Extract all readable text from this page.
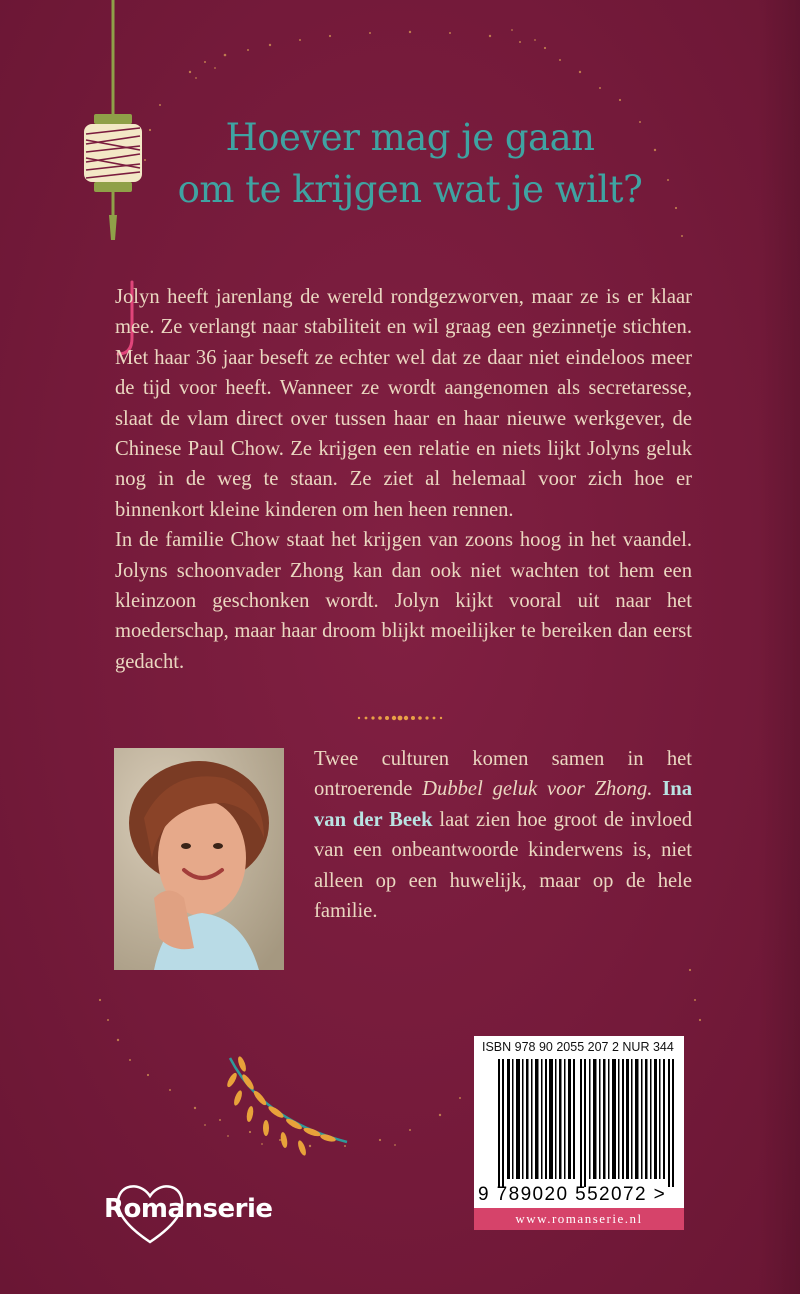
Hoever mag je gaan
om te krijgen wat je wilt?

Jolyn heeft jarenlang de wereld rondgezworven, maar ze is er klaar mee. Ze verlangt naar stabiliteit en wil graag een gezinnetje stichten. Met haar 36 jaar beseft ze echter wel dat ze daar niet eindeloos meer de tijd voor heeft. Wanneer ze wordt aangenomen als secretaresse, slaat de vlam direct over tussen haar en haar nieuwe werkgever, de Chinese Paul Chow. Ze krijgen een relatie en niets lijkt Jolyns geluk nog in de weg te staan. Ze ziet al helemaal voor zich hoe er binnenkort kleine kinderen om hen heen rennen.

In de familie Chow staat het krijgen van zoons hoog in het vaandel. Jolyns schoonvader Zhong kan dan ook niet wachten tot hem een kleinzoon geschonken wordt. Jolyn kijkt vooral uit naar het moederschap, maar haar droom blijkt moeilijker te bereiken dan eerst gedacht.

Twee culturen komen samen in het ontroerende Dubbel geluk voor Zhong. Ina van der Beek laat zien hoe groot de invloed van een onbeantwoorde kinderwens is, niet alleen op een huwelijk, maar op de hele familie.
Romanserie
ISBN 978 90 2055 207 2 NUR 344
9 789020 552072 >
www.romanserie.nl
